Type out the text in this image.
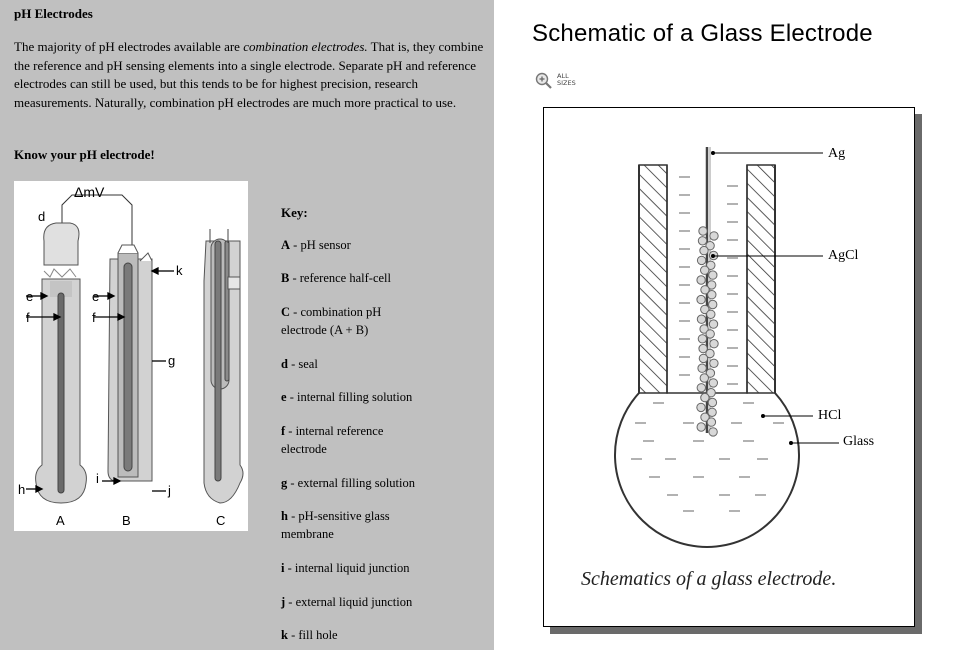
pH Electrodes
The majority of pH electrodes available are combination electrodes. That is, they combine the reference and pH sensing elements into a single electrode. Separate pH and reference electrodes can still be used, but this tends to be for highest precision, research measurements. Naturally, combination pH electrodes are much more practical to use.
Know your pH electrode!
ΔmV
d
e
f
h
A
e
f
k
g
i
j
B	C
Key:
A - pH sensor
B - reference half-cell
C - combination pH electrode (A + B)
d - seal
e - internal filling solution
f - internal reference electrode
g - external filling solution
h - pH-sensitive glass membrane
i - internal liquid junction
j - external liquid junction
k - fill hole
Schematic of a Glass Electrode
ALL
SIZES
Ag
AgCl
HCl
Glass
Schematics of a glass electrode.
